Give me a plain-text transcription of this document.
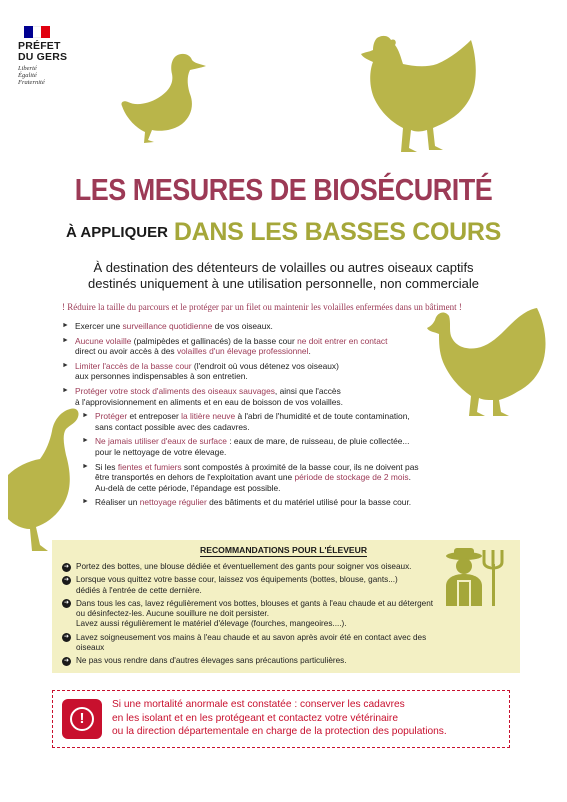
PRÉFET
DU GERS
Liberté
Égalité
Fraternité
LES MESURES DE BIOSÉCURITÉ
À APPLIQUER DANS LES BASSES COURS
À destination des détenteurs de volailles ou autres oiseaux captifs
destinés uniquement à une utilisation personnelle, non commerciale
! Réduire la taille du parcours et le protéger par un filet ou maintenir les volailles enfermées dans un bâtiment !
► Exercer une surveillance quotidienne de vos oiseaux.
► Aucune volaille (palmipèdes et gallinacés) de la basse cour ne doit entrer en contact
direct ou avoir accès à des volailles d'un élevage professionnel.
► Limiter l'accès de la basse cour (l'endroit où vous détenez vos oiseaux)
aux personnes indispensables à son entretien.
► Protéger votre stock d'aliments des oiseaux sauvages, ainsi que l'accès
à l'approvisionnement en aliments et en eau de boisson de vos volailles.
► Protéger et entreposer la litière neuve à l'abri de l'humidité et de toute contamination,
sans contact possible avec des cadavres.
► Ne jamais utiliser d'eaux de surface : eaux de mare, de ruisseau, de pluie collectée...
pour le nettoyage de votre élevage.
► Si les fientes et fumiers sont compostés à proximité de la basse cour, ils ne doivent pas
être transportés en dehors de l'exploitation avant une période de stockage de 2 mois.
Au-delà de cette période, l'épandage est possible.
► Réaliser un nettoyage régulier des bâtiments et du matériel utilisé pour la basse cour.
RECOMMANDATIONS POUR L'ÉLEVEUR
➜ Portez des bottes, une blouse dédiée et éventuellement des gants pour soigner vos oiseaux.
➜ Lorsque vous quittez votre basse cour, laissez vos équipements (bottes, blouse, gants...)
dédiés à l'entrée de cette dernière.
➜ Dans tous les cas, lavez régulièrement vos bottes, blouses et gants à l'eau chaude et au détergent
ou désinfectez-les. Aucune souillure ne doit persister.
Lavez aussi régulièrement le matériel d'élevage (fourches, mangeoires....).
➜ Lavez soigneusement vos mains à l'eau chaude et au savon après avoir été en contact avec des oiseaux
➜ Ne pas vous rendre dans d'autres élevages sans précautions particulières.
!
Si une mortalité anormale est constatée : conserver les cadavres
en les isolant et en les protégeant et contactez votre vétérinaire
ou la direction départementale en charge de la protection des populations.
